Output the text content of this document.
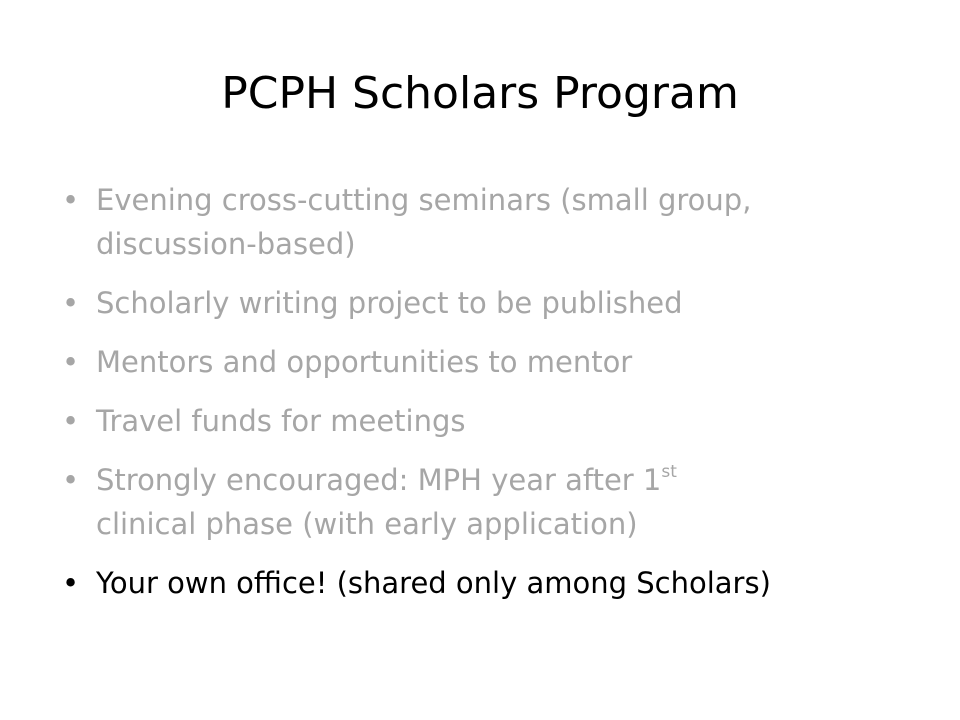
PCPH Scholars Program
• Evening cross-cutting seminars (small group,
discussion-based)
• Scholarly writing project to be published
• Mentors and opportunities to mentor
• Travel funds for meetings
• Strongly encouraged: MPH year after 1st
clinical phase (with early application)
• Your own office! (shared only among Scholars)
